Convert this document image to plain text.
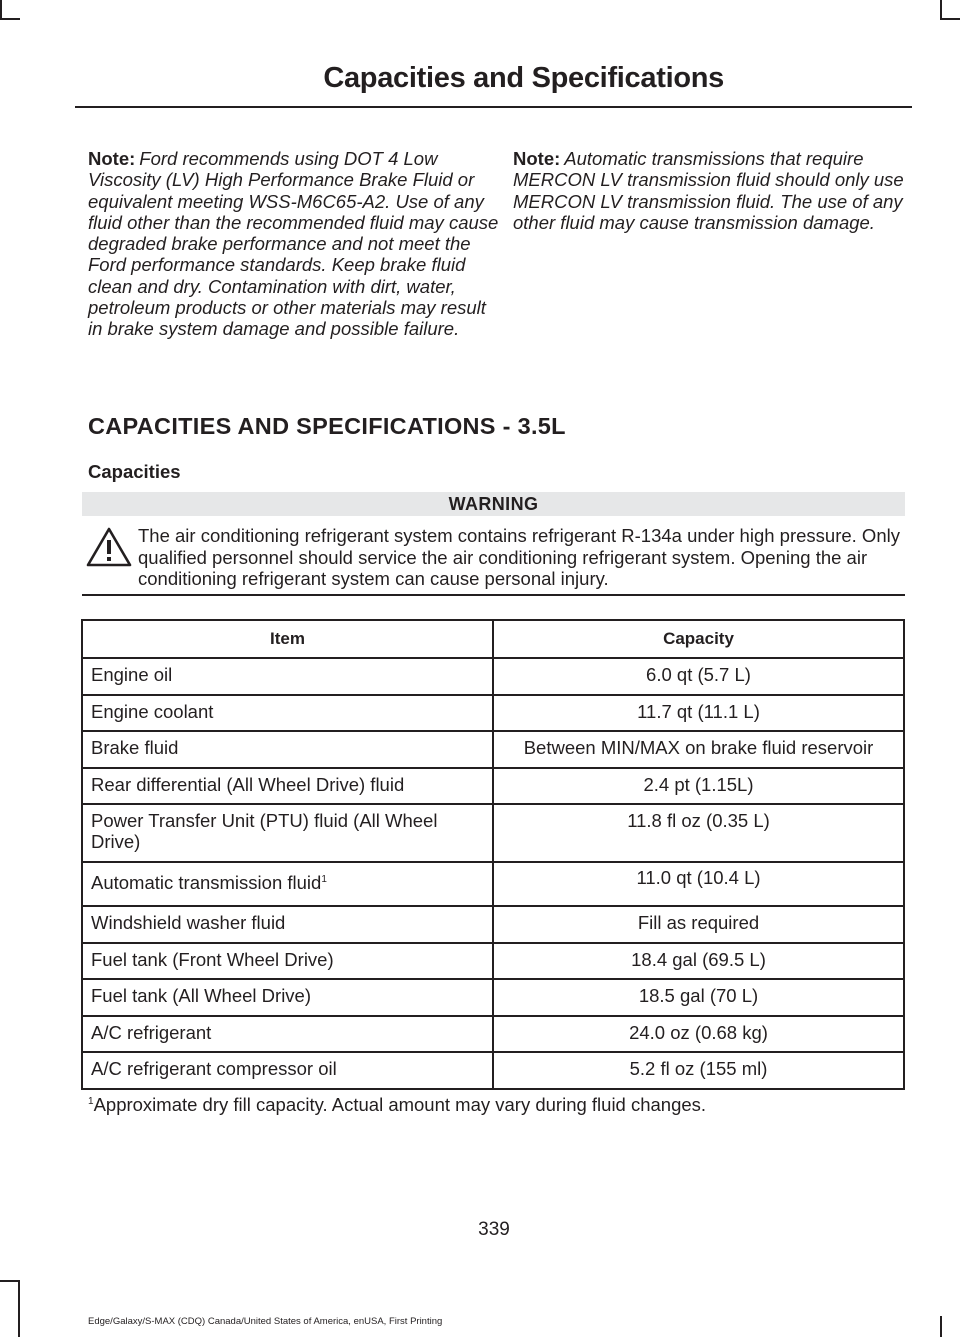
Capacities and Specifications
Note: Ford recommends using DOT 4 Low Viscosity (LV) High Performance Brake Fluid or equivalent meeting WSS-M6C65-A2. Use of any fluid other than the recommended fluid may cause degraded brake performance and not meet the Ford performance standards. Keep brake fluid clean and dry. Contamination with dirt, water, petroleum products or other materials may result in brake system damage and possible failure.
Note: Automatic transmissions that require MERCON LV transmission fluid should only use MERCON LV transmission fluid. The use of any other fluid may cause transmission damage.
CAPACITIES AND SPECIFICATIONS - 3.5L
Capacities
WARNING
The air conditioning refrigerant system contains refrigerant R-134a under high pressure. Only qualified personnel should service the air conditioning refrigerant system. Opening the air conditioning refrigerant system can cause personal injury.
Item	Capacity
Engine oil	6.0 qt (5.7 L)
Engine coolant	11.7 qt (11.1 L)
Brake fluid	Between MIN/MAX on brake fluid reservoir
Rear differential (All Wheel Drive) fluid	2.4 pt (1.15L)
Power Transfer Unit (PTU) fluid (All Wheel Drive)	11.8 fl oz (0.35 L)
Automatic transmission fluid$^1$	11.0 qt (10.4 L)
Windshield washer fluid	Fill as required
Fuel tank (Front Wheel Drive)	18.4 gal (69.5 L)
Fuel tank (All Wheel Drive)	18.5 gal (70 L)
A/C refrigerant	24.0 oz (0.68 kg)
A/C refrigerant compressor oil	5.2 fl oz (155 ml)
$^1$Approximate dry fill capacity. Actual amount may vary during fluid changes.
339
Edge/Galaxy/S-MAX (CDQ) Canada/United States of America, enUSA, First Printing
